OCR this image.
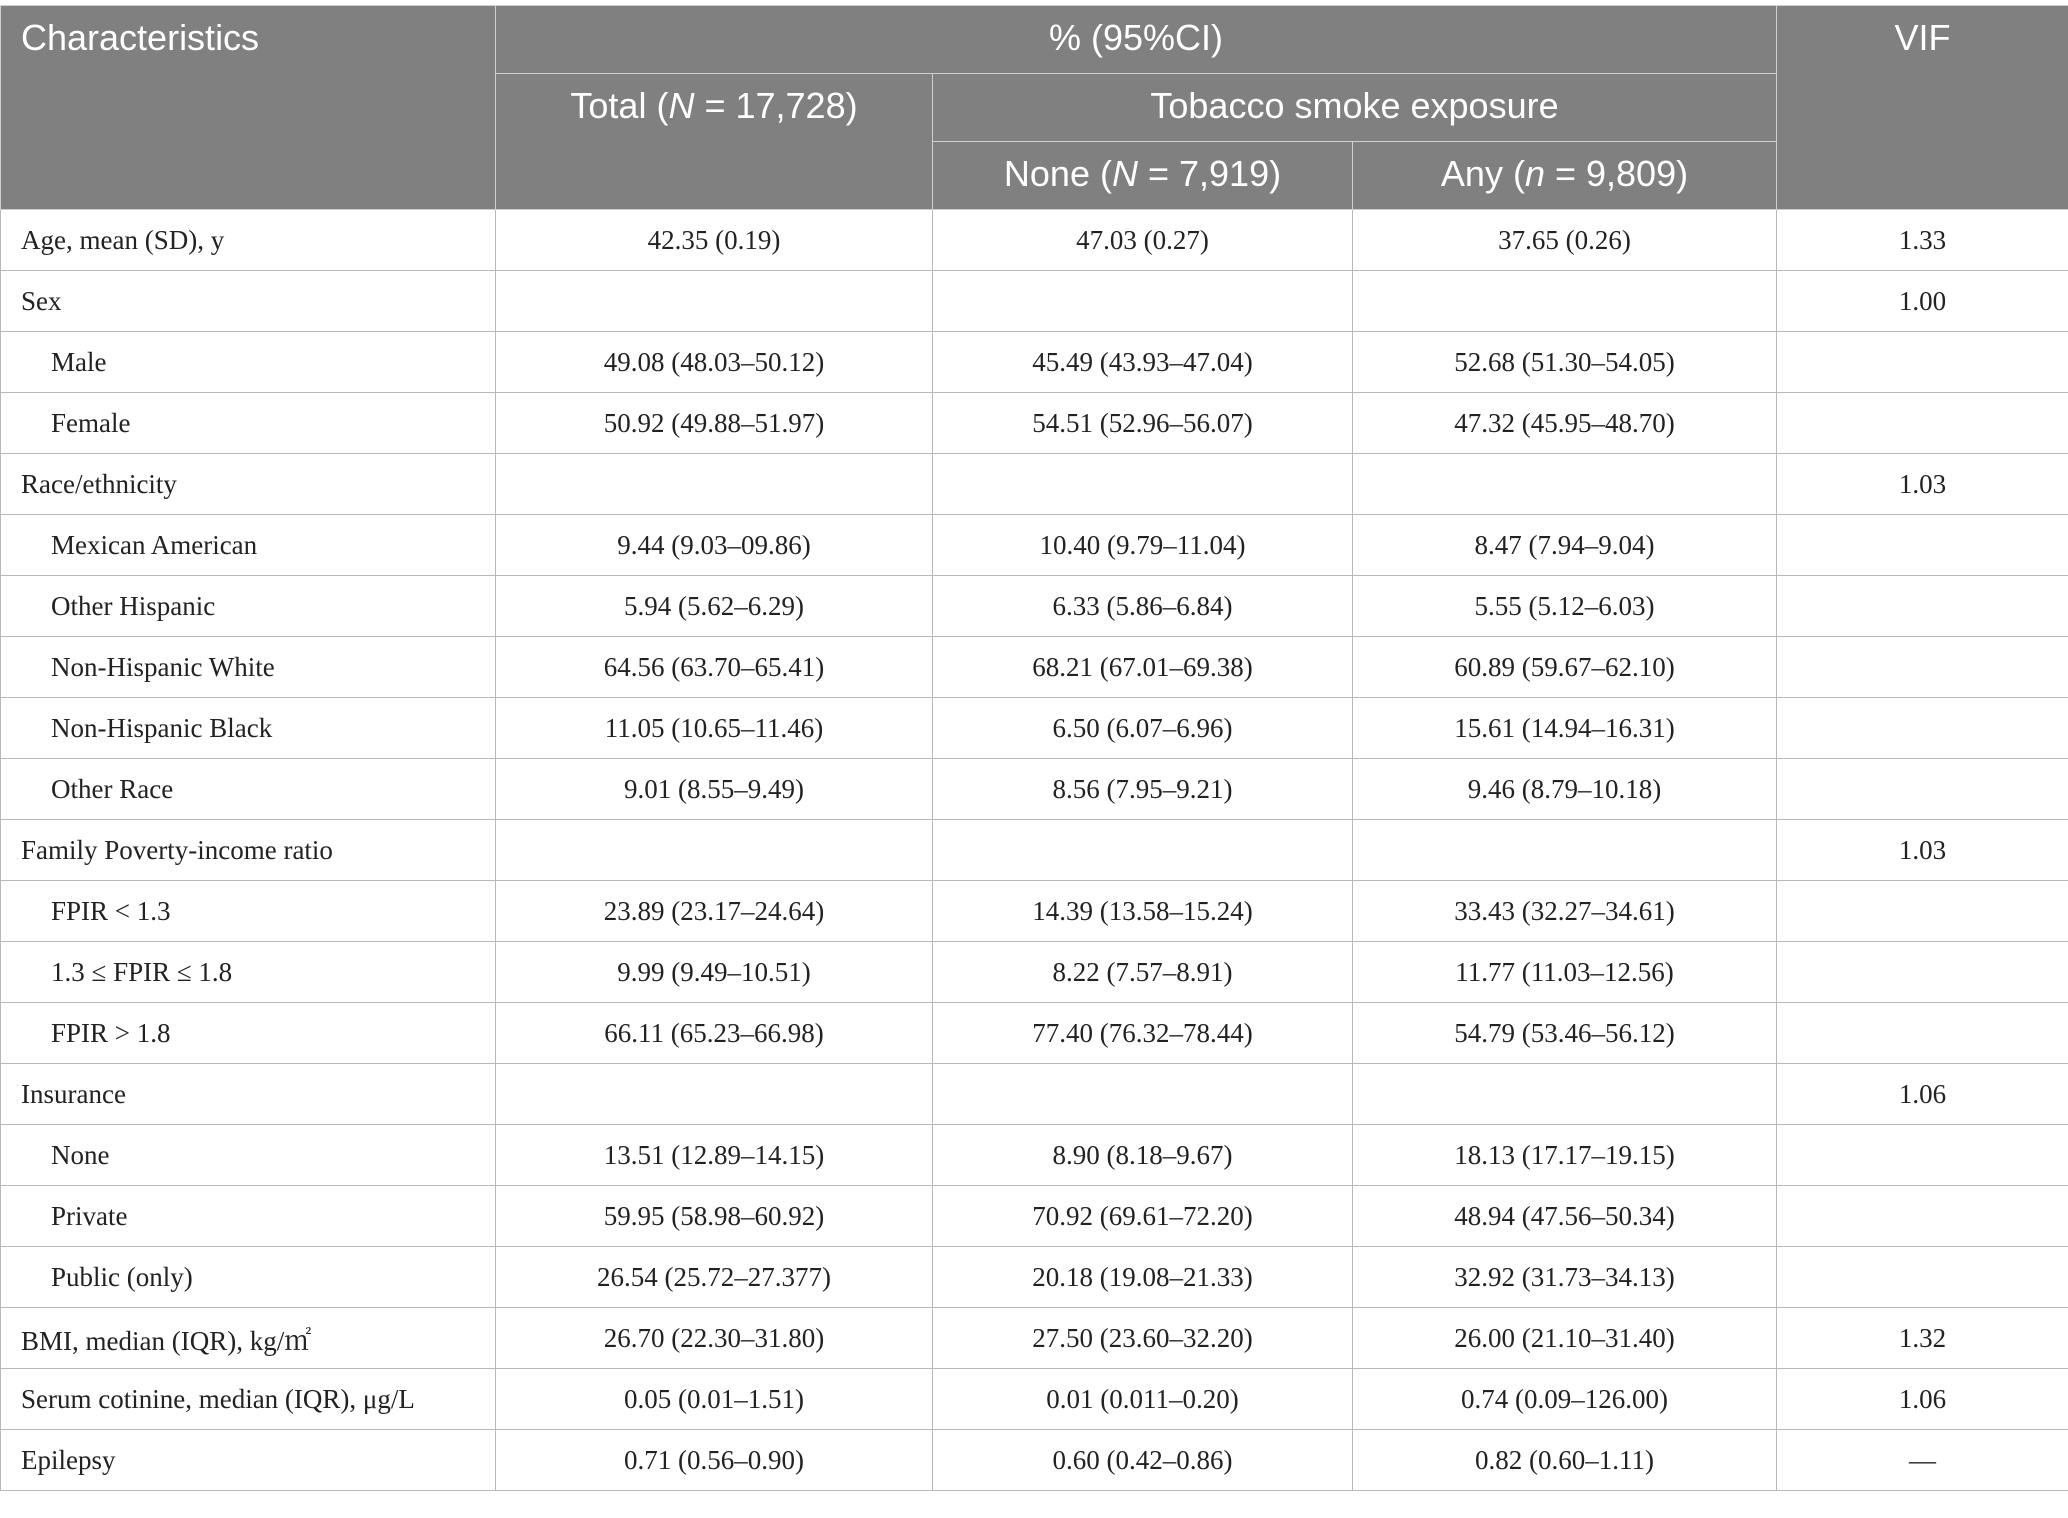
Characteristics	% (95%CI)			VIF

	Total (N = 17,728)	Tobacco smoke exposure		

		None (N = 7,919)	Any (n = 9,809)	

Age, mean (SD), y	42.35 (0.19)	47.03 (0.27)	37.65 (0.26)	1.33
Sex				1.00
Male	49.08 (48.03–50.12)	45.49 (43.93–47.04)	52.68 (51.30–54.05)	
Female	50.92 (49.88–51.97)	54.51 (52.96–56.07)	47.32 (45.95–48.70)	
Race/ethnicity				1.03
Mexican American	9.44 (9.03–09.86)	10.40 (9.79–11.04)	8.47 (7.94–9.04)	
Other Hispanic	5.94 (5.62–6.29)	6.33 (5.86–6.84)	5.55 (5.12–6.03)	
Non-Hispanic White	64.56 (63.70–65.41)	68.21 (67.01–69.38)	60.89 (59.67–62.10)	
Non-Hispanic Black	11.05 (10.65–11.46)	6.50 (6.07–6.96)	15.61 (14.94–16.31)	
Other Race	9.01 (8.55–9.49)	8.56 (7.95–9.21)	9.46 (8.79–10.18)	
Family Poverty-income ratio				1.03
FPIR < 1.3	23.89 (23.17–24.64)	14.39 (13.58–15.24)	33.43 (32.27–34.61)	
1.3 ≤ FPIR ≤ 1.8	9.99 (9.49–10.51)	8.22 (7.57–8.91)	11.77 (11.03–12.56)	
FPIR > 1.8	66.11 (65.23–66.98)	77.40 (76.32–78.44)	54.79 (53.46–56.12)	
Insurance				1.06
None	13.51 (12.89–14.15)	8.90 (8.18–9.67)	18.13 (17.17–19.15)	
Private	59.95 (58.98–60.92)	70.92 (69.61–72.20)	48.94 (47.56–50.34)	
Public (only)	26.54 (25.72–27.377)	20.18 (19.08–21.33)	32.92 (31.73–34.13)	
BMI, median (IQR), kg/㎡	26.70 (22.30–31.80)	27.50 (23.60–32.20)	26.00 (21.10–31.40)	1.32
Serum cotinine, median (IQR), μg/L	0.05 (0.01–1.51)	0.01 (0.011–0.20)	0.74 (0.09–126.00)	1.06
Epilepsy	0.71 (0.56–0.90)	0.60 (0.42–0.86)	0.82 (0.60–1.11)	—
